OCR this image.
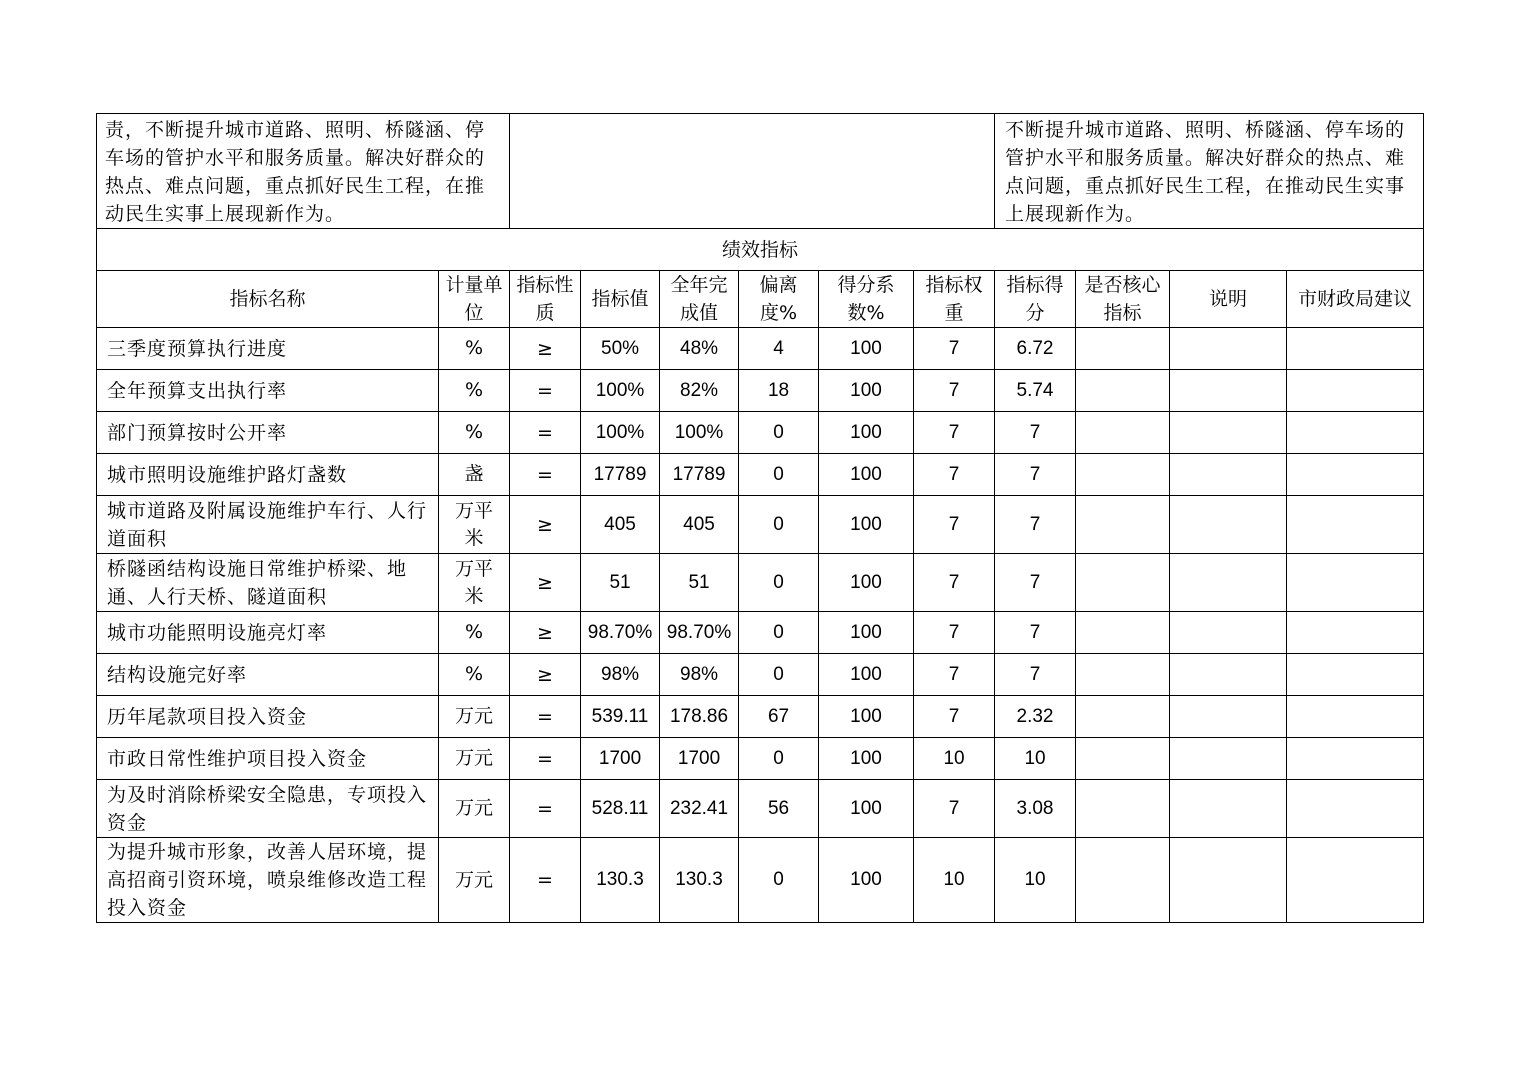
责，不断提升城市道路、照明、桥隧涵、停车场的管护水平和服务质量。解决好群众的热点、难点问题，重点抓好民生工程，在推动民生实事上展现新作为。								不断提升城市道路、照明、桥隧涵、停车场的管护水平和服务质量。解决好群众的热点、难点问题，重点抓好民生工程，在推动民生实事上展现新作为。			
绩效指标											
指标名称	计量单位	指标性质	指标值	全年完成值	偏离度%	得分系数%	指标权重	指标得分	是否核心指标	说明	市财政局建议
三季度预算执行进度	%	≥	50%	48%	4	100	7	6.72			
全年预算支出执行率	%	=	100%	82%	18	100	7	5.74			
部门预算按时公开率	%	=	100%	100%	0	100	7	7			
城市照明设施维护路灯盏数	盏	=	17789	17789	0	100	7	7			
城市道路及附属设施维护车行、人行道面积	万平米	≥	405	405	0	100	7	7			
桥隧函结构设施日常维护桥梁、地通、人行天桥、隧道面积	万平米	≥	51	51	0	100	7	7			
城市功能照明设施亮灯率	%	≥	98.70%	98.70%	0	100	7	7			
结构设施完好率	%	≥	98%	98%	0	100	7	7			
历年尾款项目投入资金	万元	=	539.11	178.86	67	100	7	2.32			
市政日常性维护项目投入资金	万元	=	1700	1700	0	100	10	10			
为及时消除桥梁安全隐患，专项投入资金	万元	=	528.11	232.41	56	100	7	3.08			
为提升城市形象，改善人居环境，提高招商引资环境，喷泉维修改造工程投入资金	万元	=	130.3	130.3	0	100	10	10			
